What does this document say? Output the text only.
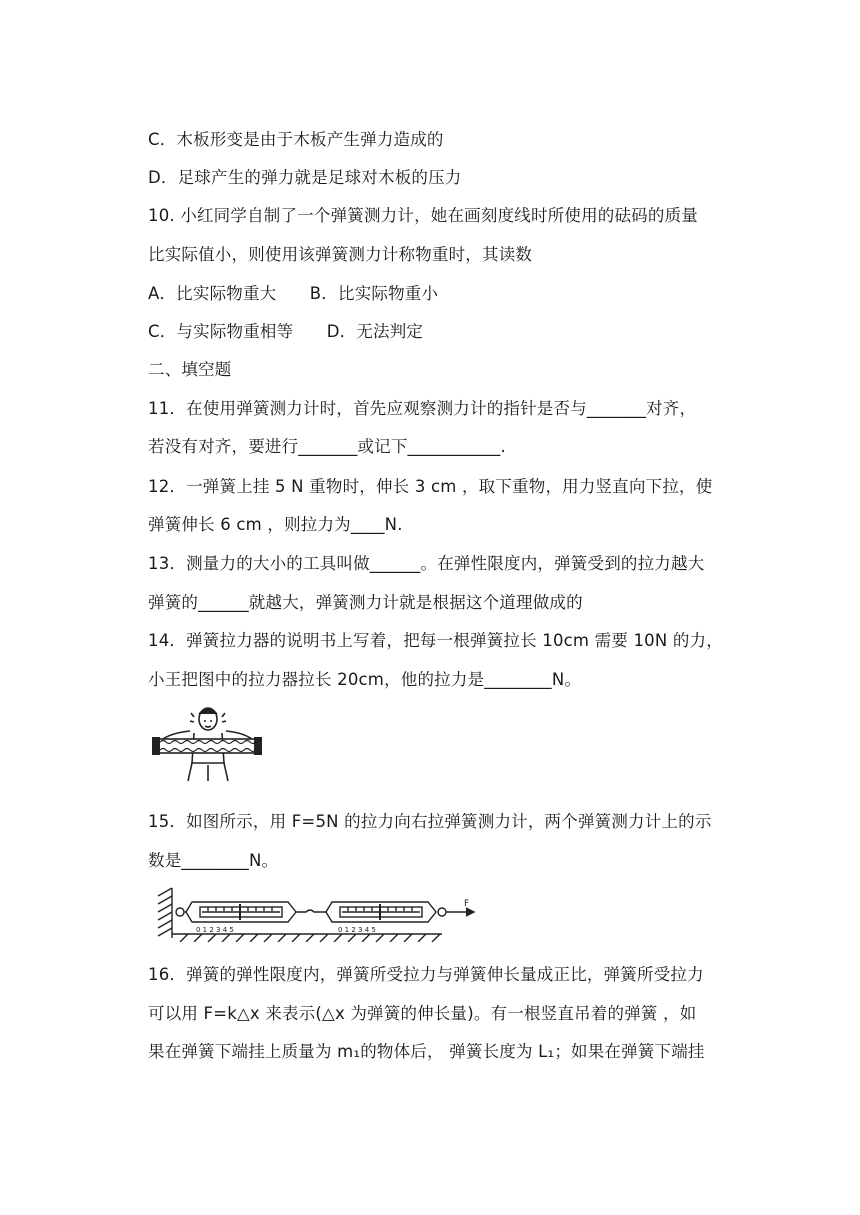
C．木板形变是由于木板产生弹力造成的
D．足球产生的弹力就是足球对木板的压力
10. 小红同学自制了一个弹簧测力计，她在画刻度线时所使用的砝码的质量
比实际值小，则使用该弹簧测力计称物重时，其读数
A．比实际物重大　　B．比实际物重小
C．与实际物重相等　　D．无法判定
二、填空题
11．在使用弹簧测力计时，首先应观察测力计的指针是否与_______对齐，
若没有对齐，要进行_______或记下___________.
12．一弹簧上挂 5 N 重物时，伸长 3 cm ，取下重物，用力竖直向下拉，使
弹簧伸长 6 cm ，则拉力为____N.
13．测量力的大小的工具叫做______。在弹性限度内，弹簧受到的拉力越大
弹簧的______就越大，弹簧测力计就是根据这个道理做成的
14．弹簧拉力器的说明书上写着，把每一根弹簧拉长 10cm 需要 10N 的力，
小王把图中的拉力器拉长 20cm，他的拉力是________N。
15．如图所示，用 F=5N 的拉力向右拉弹簧测力计，两个弹簧测力计上的示
数是________N。
0 1 2 3 4 5	0 1 2 3 4 5
F
16．弹簧的弹性限度内，弹簧所受拉力与弹簧伸长量成正比，弹簧所受拉力
可以用 F=k△x 来表示(△x 为弹簧的伸长量)。有一根竖直吊着的弹簧 ，如
果在弹簧下端挂上质量为 m₁的物体后， 弹簧长度为 L₁；如果在弹簧下端挂
